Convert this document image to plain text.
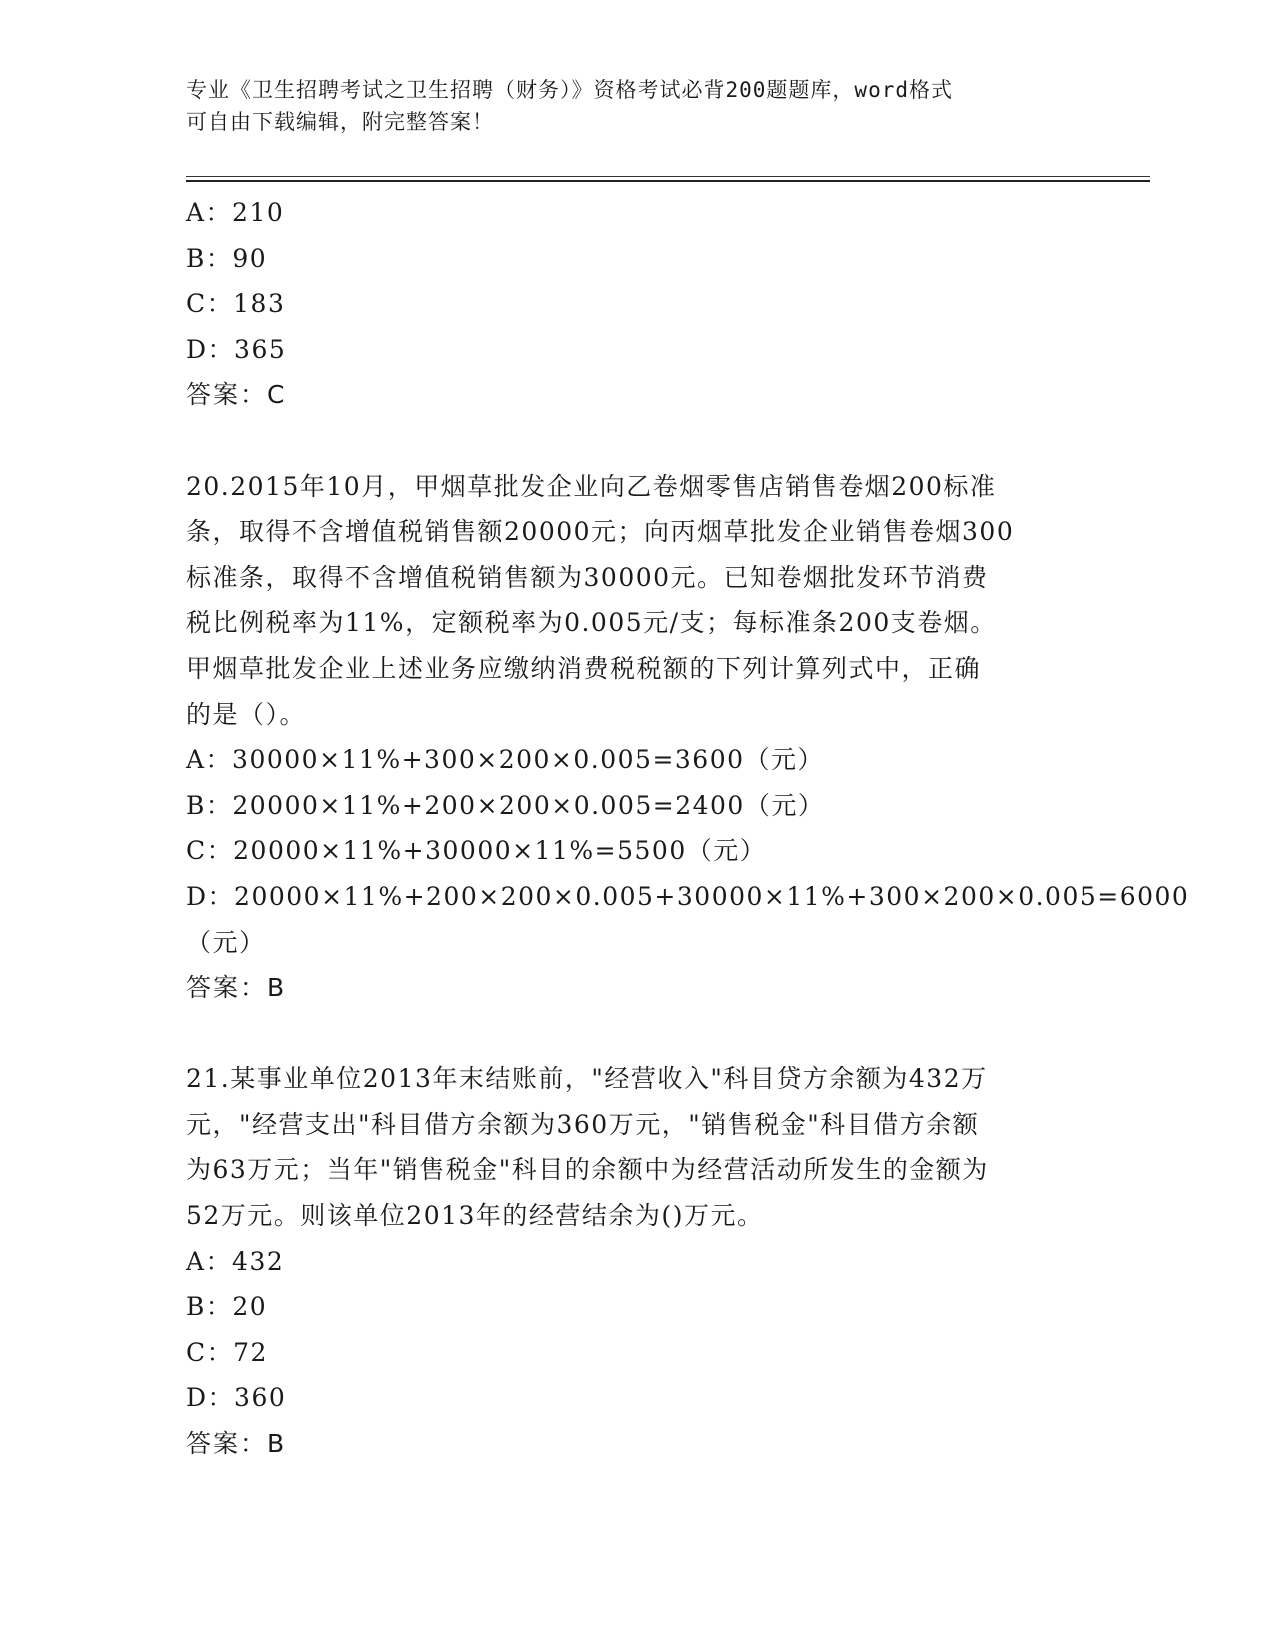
专业《卫生招聘考试之卫生招聘（财务）》资格考试必背200题题库，word格式
可自由下载编辑，附完整答案！
A：210
B：90
C：183
D：365
答案：C
20.2015年10月，甲烟草批发企业向乙卷烟零售店销售卷烟200标准
条，取得不含增值税销售额20000元；向丙烟草批发企业销售卷烟300
标准条，取得不含增值税销售额为30000元。已知卷烟批发环节消费
税比例税率为11%，定额税率为0.005元/支；每标准条200支卷烟。
甲烟草批发企业上述业务应缴纳消费税税额的下列计算列式中，正确
的是（）。
A：30000×11%+300×200×0.005=3600（元）
B：20000×11%+200×200×0.005=2400（元）
C：20000×11%+30000×11%=5500（元）
D：20000×11%+200×200×0.005+30000×11%+300×200×0.005=6000
（元）
答案：B
21.某事业单位2013年末结账前，"经营收入"科目贷方余额为432万
元，"经营支出"科目借方余额为360万元，"销售税金"科目借方余额
为63万元；当年"销售税金"科目的余额中为经营活动所发生的金额为
52万元。则该单位2013年的经营结余为()万元。
A：432
B：20
C：72
D：360
答案：B
